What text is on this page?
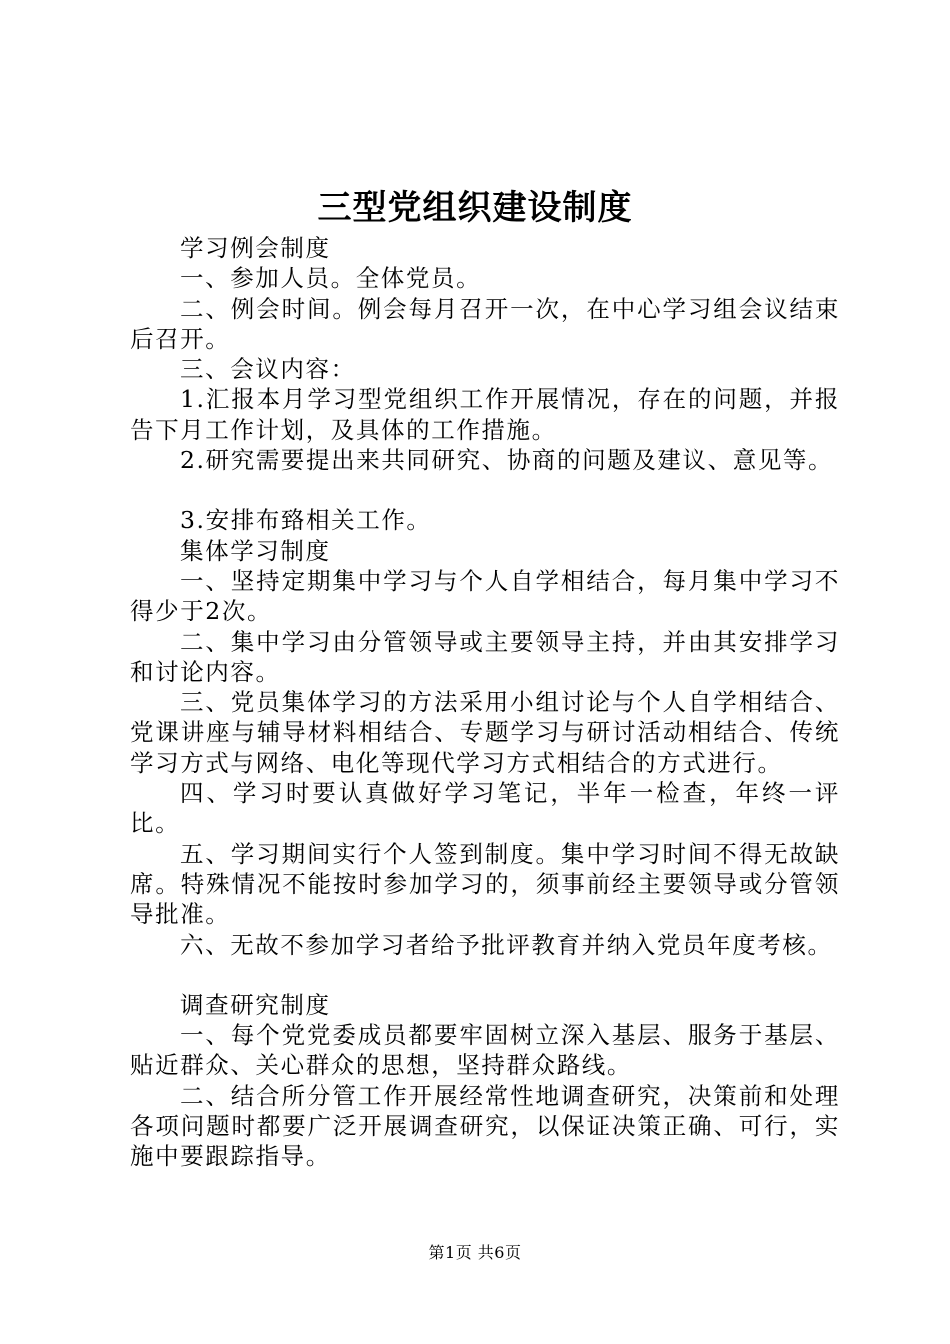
三型党组织建设制度

学习例会制度

一、参加人员。全体党员。

二、例会时间。例会每月召开一次，在中心学习组会议结束后召开。

三、会议内容：

1.汇报本月学习型党组织工作开展情况，存在的问题，并报告下月工作计划，及具体的工作措施。

2.研究需要提出来共同研究、协商的问题及建议、意见等。

3.安排布臵相关工作。

集体学习制度

一、坚持定期集中学习与个人自学相结合，每月集中学习不得少于2次。

二、集中学习由分管领导或主要领导主持，并由其安排学习和讨论内容。

三、党员集体学习的方法采用小组讨论与个人自学相结合、党课讲座与辅导材料相结合、专题学习与研讨活动相结合、传统学习方式与网络、电化等现代学习方式相结合的方式进行。

四、学习时要认真做好学习笔记，半年一检查，年终一评比。

五、学习期间实行个人签到制度。集中学习时间不得无故缺席。特殊情况不能按时参加学习的，须事前经主要领导或分管领导批准。

六、无故不参加学习者给予批评教育并纳入党员年度考核。

调查研究制度

一、每个党党委成员都要牢固树立深入基层、服务于基层、贴近群众、关心群众的思想，坚持群众路线。

二、结合所分管工作开展经常性地调查研究，决策前和处理各项问题时都要广泛开展调查研究，以保证决策正确、可行，实施中要跟踪指导。

第1页 共6页
